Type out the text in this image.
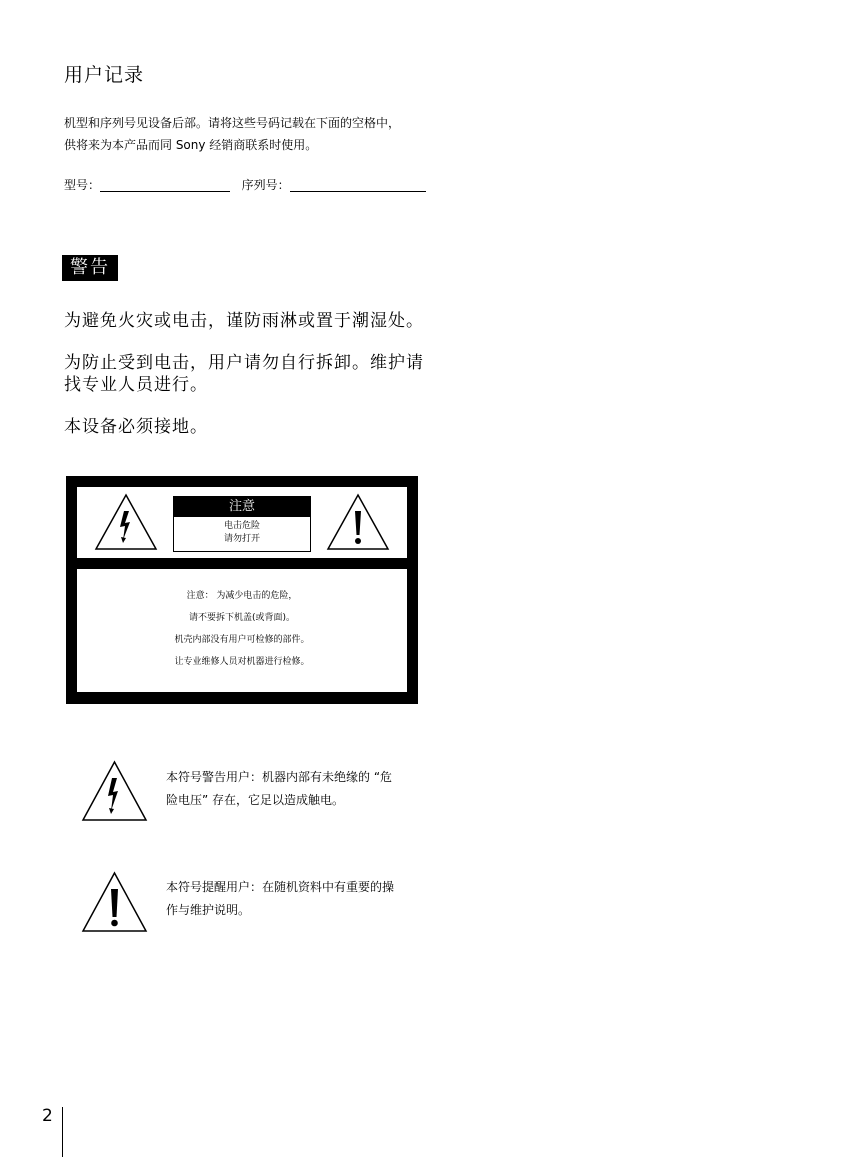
用户记录
机型和序列号见设备后部。请将这些号码记载在下面的空格中，
供将来为本产品而同 Sony 经销商联系时使用。
型号：	序列号：
警告
为避免火灾或电击，谨防雨淋或置于潮湿处。
为防止受到电击，用户请勿自行拆卸。维护请
找专业人员进行。
本设备必须接地。
注意
电击危险
请勿打开
注意： 为减少电击的危险，
请不要拆下机盖(或背面)。
机壳内部没有用户可检修的部件。
让专业维修人员对机器进行检修。
本符号警告用户：机器内部有未绝缘的 “危
险电压” 存在，它足以造成触电。
本符号提醒用户：在随机资料中有重要的操
作与维护说明。
2
